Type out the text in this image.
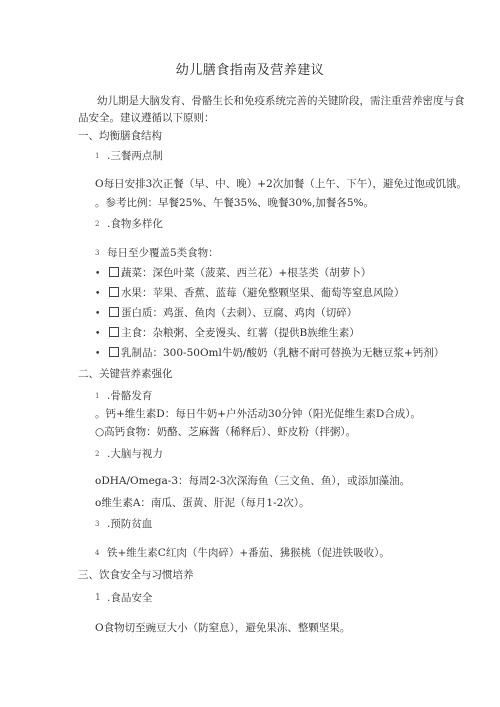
幼儿膳食指南及营养建议
幼儿期是大脑发育、骨骼生长和免疫系统完善的关键阶段，需注重营养密度与食
品安全。建议遵循以下原则：
一、均衡膳食结构
1 .三餐两点制
O每日安排3次正餐（早、中、晚）+2次加餐（上午、下午），避免过饱或饥饿。
。参考比例：早餐25%、午餐35%、晚餐30%,加餐各5%。
2 .食物多样化
3 每日至少覆盖5类食物：
• 蔬菜：深色叶菜（菠菜、西兰花）+根茎类（胡萝卜）
• 水果：苹果、香蕉、蓝莓（避免整颗坚果、葡萄等窒息风险）
• 蛋白质：鸡蛋、鱼肉（去刺）、豆腐、鸡肉（切碎）
• 主食：杂粮粥、全麦馒头、红薯（提供B族维生素）
• 乳制品：300-50Oml牛奶/酸奶（乳糖不耐可替换为无糖豆浆+钙剂）
二、关键营养素强化
1 .骨骼发育
。钙+维生素D：每日牛奶+户外活动30分钟（阳光促维生素D合成）。
○高钙食物：奶酪、芝麻酱（稀释后）、虾皮粉（拌粥）。
2 .大脑与视力
oDHA/Omega-3：每周2-3次深海鱼（三文鱼、鱼），或添加藻油。
o维生素A：南瓜、蛋黄、肝泥（每月1-2次）。
3 .预防贫血
4 铁+维生素C红肉（牛肉碎）+番茄、狒猴桃（促进铁吸收）。
三、饮食安全与习惯培养
1 .食品安全
O食物切至豌豆大小（防窒息），避免果冻、整颗坚果。
